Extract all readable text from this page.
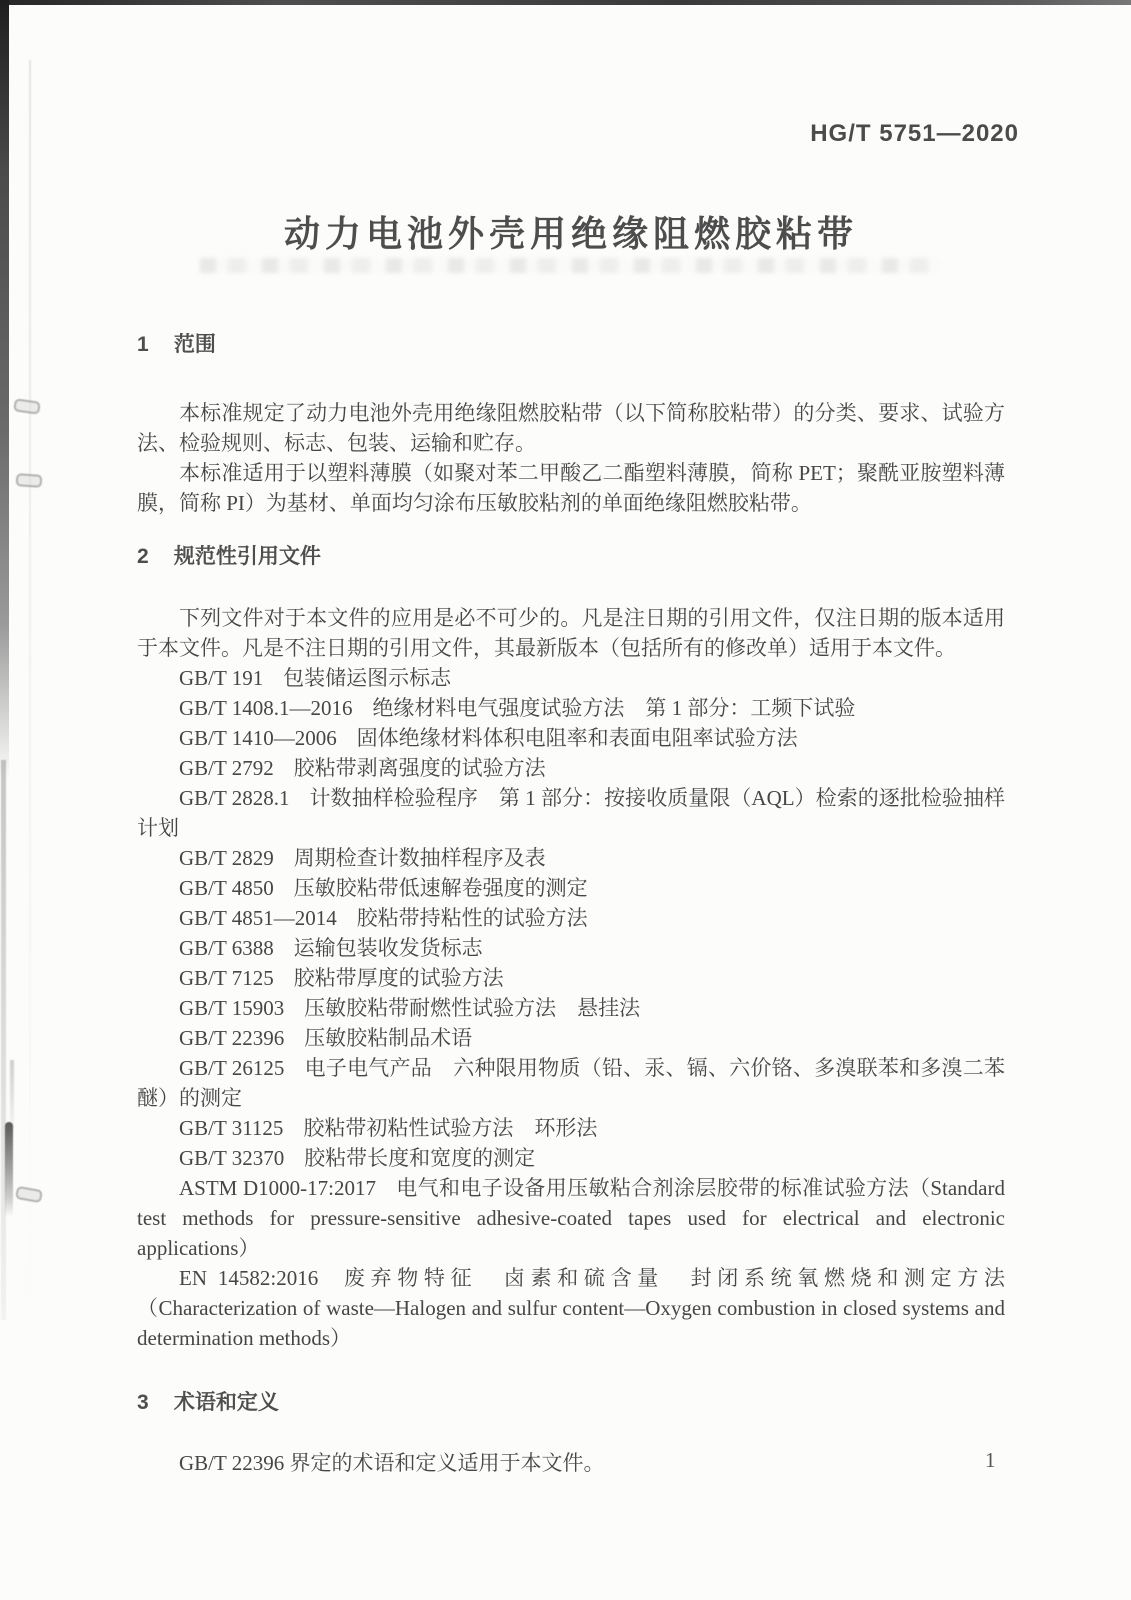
HG/T 5751—2020
动力电池外壳用绝缘阻燃胶粘带
1 范围

本标准规定了动力电池外壳用绝缘阻燃胶粘带（以下简称胶粘带）的分类、要求、试验方法、检验规则、标志、包装、运输和贮存。

本标准适用于以塑料薄膜（如聚对苯二甲酸乙二酯塑料薄膜，简称 PET；聚酰亚胺塑料薄膜，简称 PI）为基材、单面均匀涂布压敏胶粘剂的单面绝缘阻燃胶粘带。

2 规范性引用文件

下列文件对于本文件的应用是必不可少的。凡是注日期的引用文件，仅注日期的版本适用于本文件。凡是不注日期的引用文件，其最新版本（包括所有的修改单）适用于本文件。

GB/T 191 包装储运图示标志

GB/T 1408.1—2016 绝缘材料电气强度试验方法　第 1 部分：工频下试验

GB/T 1410—2006 固体绝缘材料体积电阻率和表面电阻率试验方法

GB/T 2792 胶粘带剥离强度的试验方法

GB/T 2828.1 计数抽样检验程序　第 1 部分：按接收质量限（AQL）检索的逐批检验抽样计划

GB/T 2829 周期检查计数抽样程序及表

GB/T 4850 压敏胶粘带低速解卷强度的测定

GB/T 4851—2014 胶粘带持粘性的试验方法

GB/T 6388 运输包装收发货标志

GB/T 7125 胶粘带厚度的试验方法

GB/T 15903 压敏胶粘带耐燃性试验方法　悬挂法

GB/T 22396 压敏胶粘制品术语

GB/T 26125 电子电气产品　六种限用物质（铅、汞、镉、六价铬、多溴联苯和多溴二苯醚）的测定

GB/T 31125 胶粘带初粘性试验方法　环形法

GB/T 32370 胶粘带长度和宽度的测定

ASTM D1000-17:2017 电气和电子设备用压敏粘合剂涂层胶带的标准试验方法（Standard test methods for pressure-sensitive adhesive-coated tapes used for electrical and electronic applications）

EN 14582:2016 废弃物特征　卤素和硫含量　封闭系统氧燃烧和测定方法（Characterization of waste—Halogen and sulfur content—Oxygen combustion in closed systems and determination methods）

3 术语和定义

GB/T 22396 界定的术语和定义适用于本文件。	1
